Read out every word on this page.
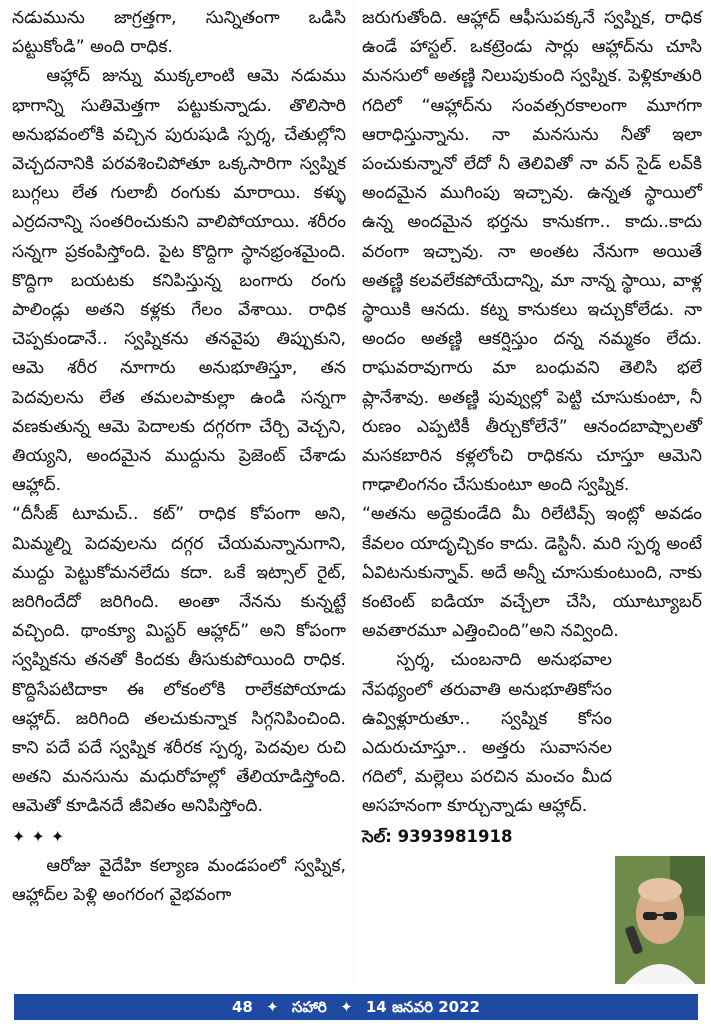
నడుమును జాగ్రత్తగా, సున్నితంగా ఒడిసి పట్టుకోండి” అంది రాధిక.

ఆహ్లాద్ జున్ను ముక్కలాంటి ఆమె నడుము భాగాన్ని సుతిమెత్తగా పట్టుకున్నాడు. తొలిసారి అనుభవంలోకి వచ్చిన పురుషుడి స్పర్శ, చేతుల్లోని వెచ్చదనానికి పరవశించిపోతూ ఒక్కసారిగా స్వప్నిక బుగ్గలు లేత గులాబీ రంగుకు మారాయి. కళ్ళు ఎర్రదనాన్ని సంతరించుకుని వాలిపోయాయి. శరీరం సన్నగా ప్రకంపిస్తోంది. పైట కొద్దిగా స్థానభ్రంశమైంది. కొద్దిగా బయటకు కనిపిస్తున్న బంగారు రంగు పాలిండ్లు అతని కళ్లకు గేలం వేశాయి. రాధిక చెప్పకుండానే.. స్వప్నికను తనవైపు తిప్పుకుని, ఆమె శరీర నూగారు అనుభూతిస్తూ, తన పెదవులను లేత తమలపాకుల్లా ఉండి సన్నగా వణకుతున్న ఆమె పెదాలకు దగ్గరగా చేర్చి వెచ్చని, తియ్యని, అందమైన ముద్దును ప్రెజెంట్ చేశాడు ఆహ్లాద్.

“దీసీజ్ టూమచ్.. కట్” రాధిక కోపంగా అని, మిమ్మల్ని పెదవులను దగ్గర చేయమన్నానుగాని, ముద్దు పెట్టుకోమనలేదు కదా. ఒకే ఇట్సాల్ రైట్, జరిగిందేదో జరిగింది. అంతా నేనను కున్నట్టే వచ్చింది. థాంక్యూ మిస్టర్ ఆహ్లాద్” అని కోపంగా స్వప్నికను తనతో కిందకు తీసుకుపోయింది రాధిక. కొద్దిసేపటిదాకా ఈ లోకంలోకి రాలేకపోయాడు ఆహ్లాద్. జరిగింది తలచుకున్నాక సిగ్గనిపించింది. కాని పదే పదే స్వప్నిక శరీరక స్పర్శ, పెదవుల రుచి అతని మనసును మధురోహల్లో తేలియాడిస్తోంది. ఆమెతో కూడినదే జీవితం అనిపిస్తోంది.

✦✦✦

ఆరోజు వైదేహి కల్యాణ మండపంలో స్వప్నిక, ఆహ్లాద్‌ల పెళ్లి అంగరంగ వైభవంగా

జరుగుతోంది. ఆహ్లాద్ ఆఫీసుపక్కనే స్వప్నిక, రాధిక ఉండే హాస్టల్. ఒకట్రెండు సార్లు ఆహ్లాద్‌ను చూసి మనసులో అతణ్ణి నిలుపుకుంది స్వప్నిక. పెళ్లికూతురి గదిలో “ఆహ్లాద్‌ను సంవత్సరకాలంగా మూగగా ఆరాధిస్తున్నాను. నా మనసును నీతో ఇలా పంచుకున్నానో లేదో నీ తెలివితో నా వన్ సైడ్ లవ్‌కి అందమైన ముగింపు ఇచ్చావు. ఉన్నత స్థాయిలో ఉన్న అందమైన భర్తను కానుకగా.. కాదు..కాదు వరంగా ఇచ్చావు. నా అంతట నేనుగా అయితే అతణ్ణి కలవలేకపోయేదాన్ని, మా నాన్న స్థాయి, వాళ్ల స్థాయికి ఆనదు. కట్న కానుకలు ఇచ్చుకోలేడు. నా అందం అతణ్ణి ఆకర్షిస్తుం దన్న నమ్మకం లేదు. రాఘవరావుగారు మా బంధువని తెలిసి భలే ప్లానేశావు. అతణ్ణి పువ్వుల్లో పెట్టి చూసుకుంటా, నీ రుణం ఎప్పటికీ తీర్చుకోలేనే” ఆనందబాష్పాలతో మసకబారిన కళ్లలోంచి రాధికను చూస్తూ ఆమెని గాఢాలింగనం చేసుకుంటూ అంది స్వప్నిక.

“అతను అద్దెకుండేది మీ రిలేటివ్స్ ఇంట్లో అవడం కేవలం యాదృచ్చికం కాదు. డెస్టినీ. మరి స్పర్శ అంటే ఏవిటనుకున్నావ్. అదే అన్నీ చూసుకుంటుంది, నాకు కంటెంట్ ఐడియా వచ్చేలా చేసి, యూట్యూబర్ అవతారమూ ఎత్తించింది”అని నవ్వింది.

స్పర్శ, చుంబనాది అనుభవాల నేపథ్యంలో తరువాతి అనుభూతికోసం ఉవ్విళ్లూరుతూ.. స్వప్నిక కోసం ఎదురుచూస్తూ.. అత్తరు సువాసనల గదిలో, మల్లెలు పరచిన మంచం మీద అసహనంగా కూర్చున్నాడు ఆహ్లాద్.

సెల్: 9393981918

48 ✦ సహారి ✦ 14 జనవరి 2022
